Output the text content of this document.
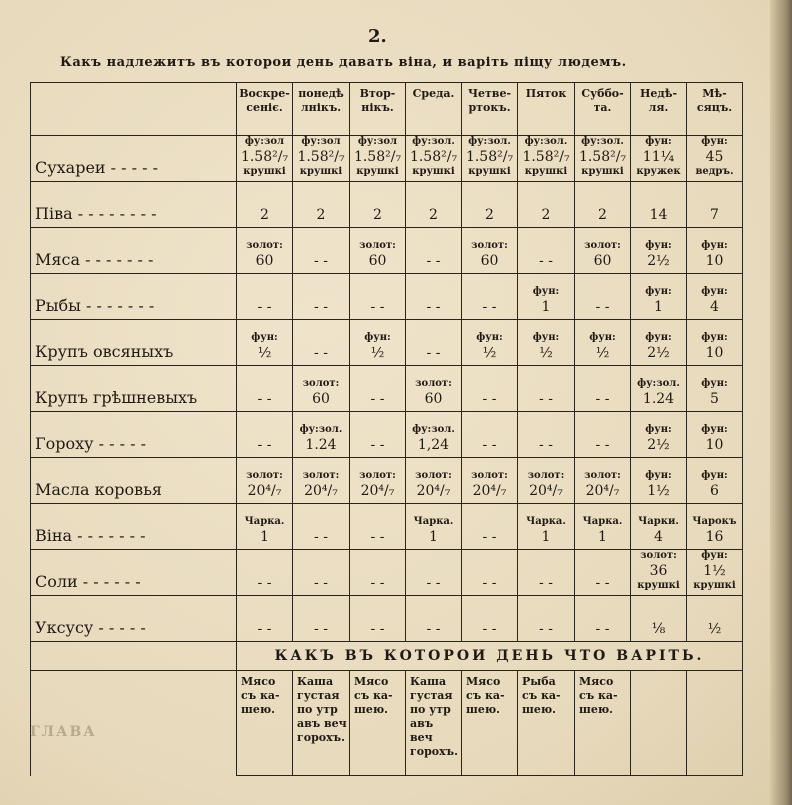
2.
Какъ надлежитъ въ которои день давать віна, и варіть піщу людемъ.
ГЛАВА
	Воскре-
сеніє.	понедѣ
лнікъ.	Втор-
нікъ.	Среда.	Четве-
ртокъ.	Пяток	Суббо-
та.	Недѣ-
ля.	Мѣ-
сяцъ.
Сухареи - - - - -	фу:зол
1.58²/₇
крушкі	фу:зол
1.58²/₇
крушкі	фу:зол
1.58²/₇
крушкі	фу:зол.
1.58²/₇
крушкі	фу:зол.
1.58²/₇
крушкі	фу:зол.
1.58²/₇
крушкі	фу:зол.
1.58²/₇
крушкі	фун:
11¼
кружек	фун:
45
ведръ.

Піва - - - - - - - -	2	2	2	2	2	2	2	14	7

Мяса - - - - - - -	золот:
60	- -	золот:
60	- -	золот:
60	- -	золот:
60	фун:
2½	фун:
10

Рыбы - - - - - - -	- -	- -	- -	- -	- -	фун:
1	- -	фун:
1	фун:
4

Крупъ овсяныхъ	фун:
½	- -	фун:
½	- -	фун:
½	фун:
½	фун:
½	фун:
2½	фун:
10

Крупъ грѣшневыхъ	- -	золот:
60	- -	золот:
60	- -	- -	- -	фу:зол.
1.24	фун:
5

Гороху - - - - -	- -	фу:зол.
1.24	- -	фу:зол.
1,24	- -	- -	- -	фун:
2½	фун:
10

Масла коровья	золот:
20⁴/₇	золот:
20⁴/₇	золот:
20⁴/₇	золот:
20⁴/₇	золот:
20⁴/₇	золот:
20⁴/₇	золот:
20⁴/₇	фун:
1½	фун:
6

Віна - - - - - - -	Чарка.
1	- -	- -	Чарка.
1	- -	Чарка.
1	Чарка.
1	Чарки.
4	Чарокъ
16

Соли - - - - - -	- -	- -	- -	- -	- -	- -	- -	золот:
36
крушкі	фун:
1½
крушкі

Уксусу - - - - -	- -	- -	- -	- -	- -	- -	- -	⅛	½

	КАКЪ ВЪ КОТОРОИ ДЕНЬ ЧТО ВАРІТЬ.								
	Мясо
съ ка-
шею.	Каша
густая
по утр
авъ веч
горохъ.	Мясо
съ ка-
шею.	Каша
густая
по утр
авъ веч
горохъ.	Мясо
съ ка-
шею.	Рыба
съ ка-
шею.	Мясо
съ ка-
шею.		
